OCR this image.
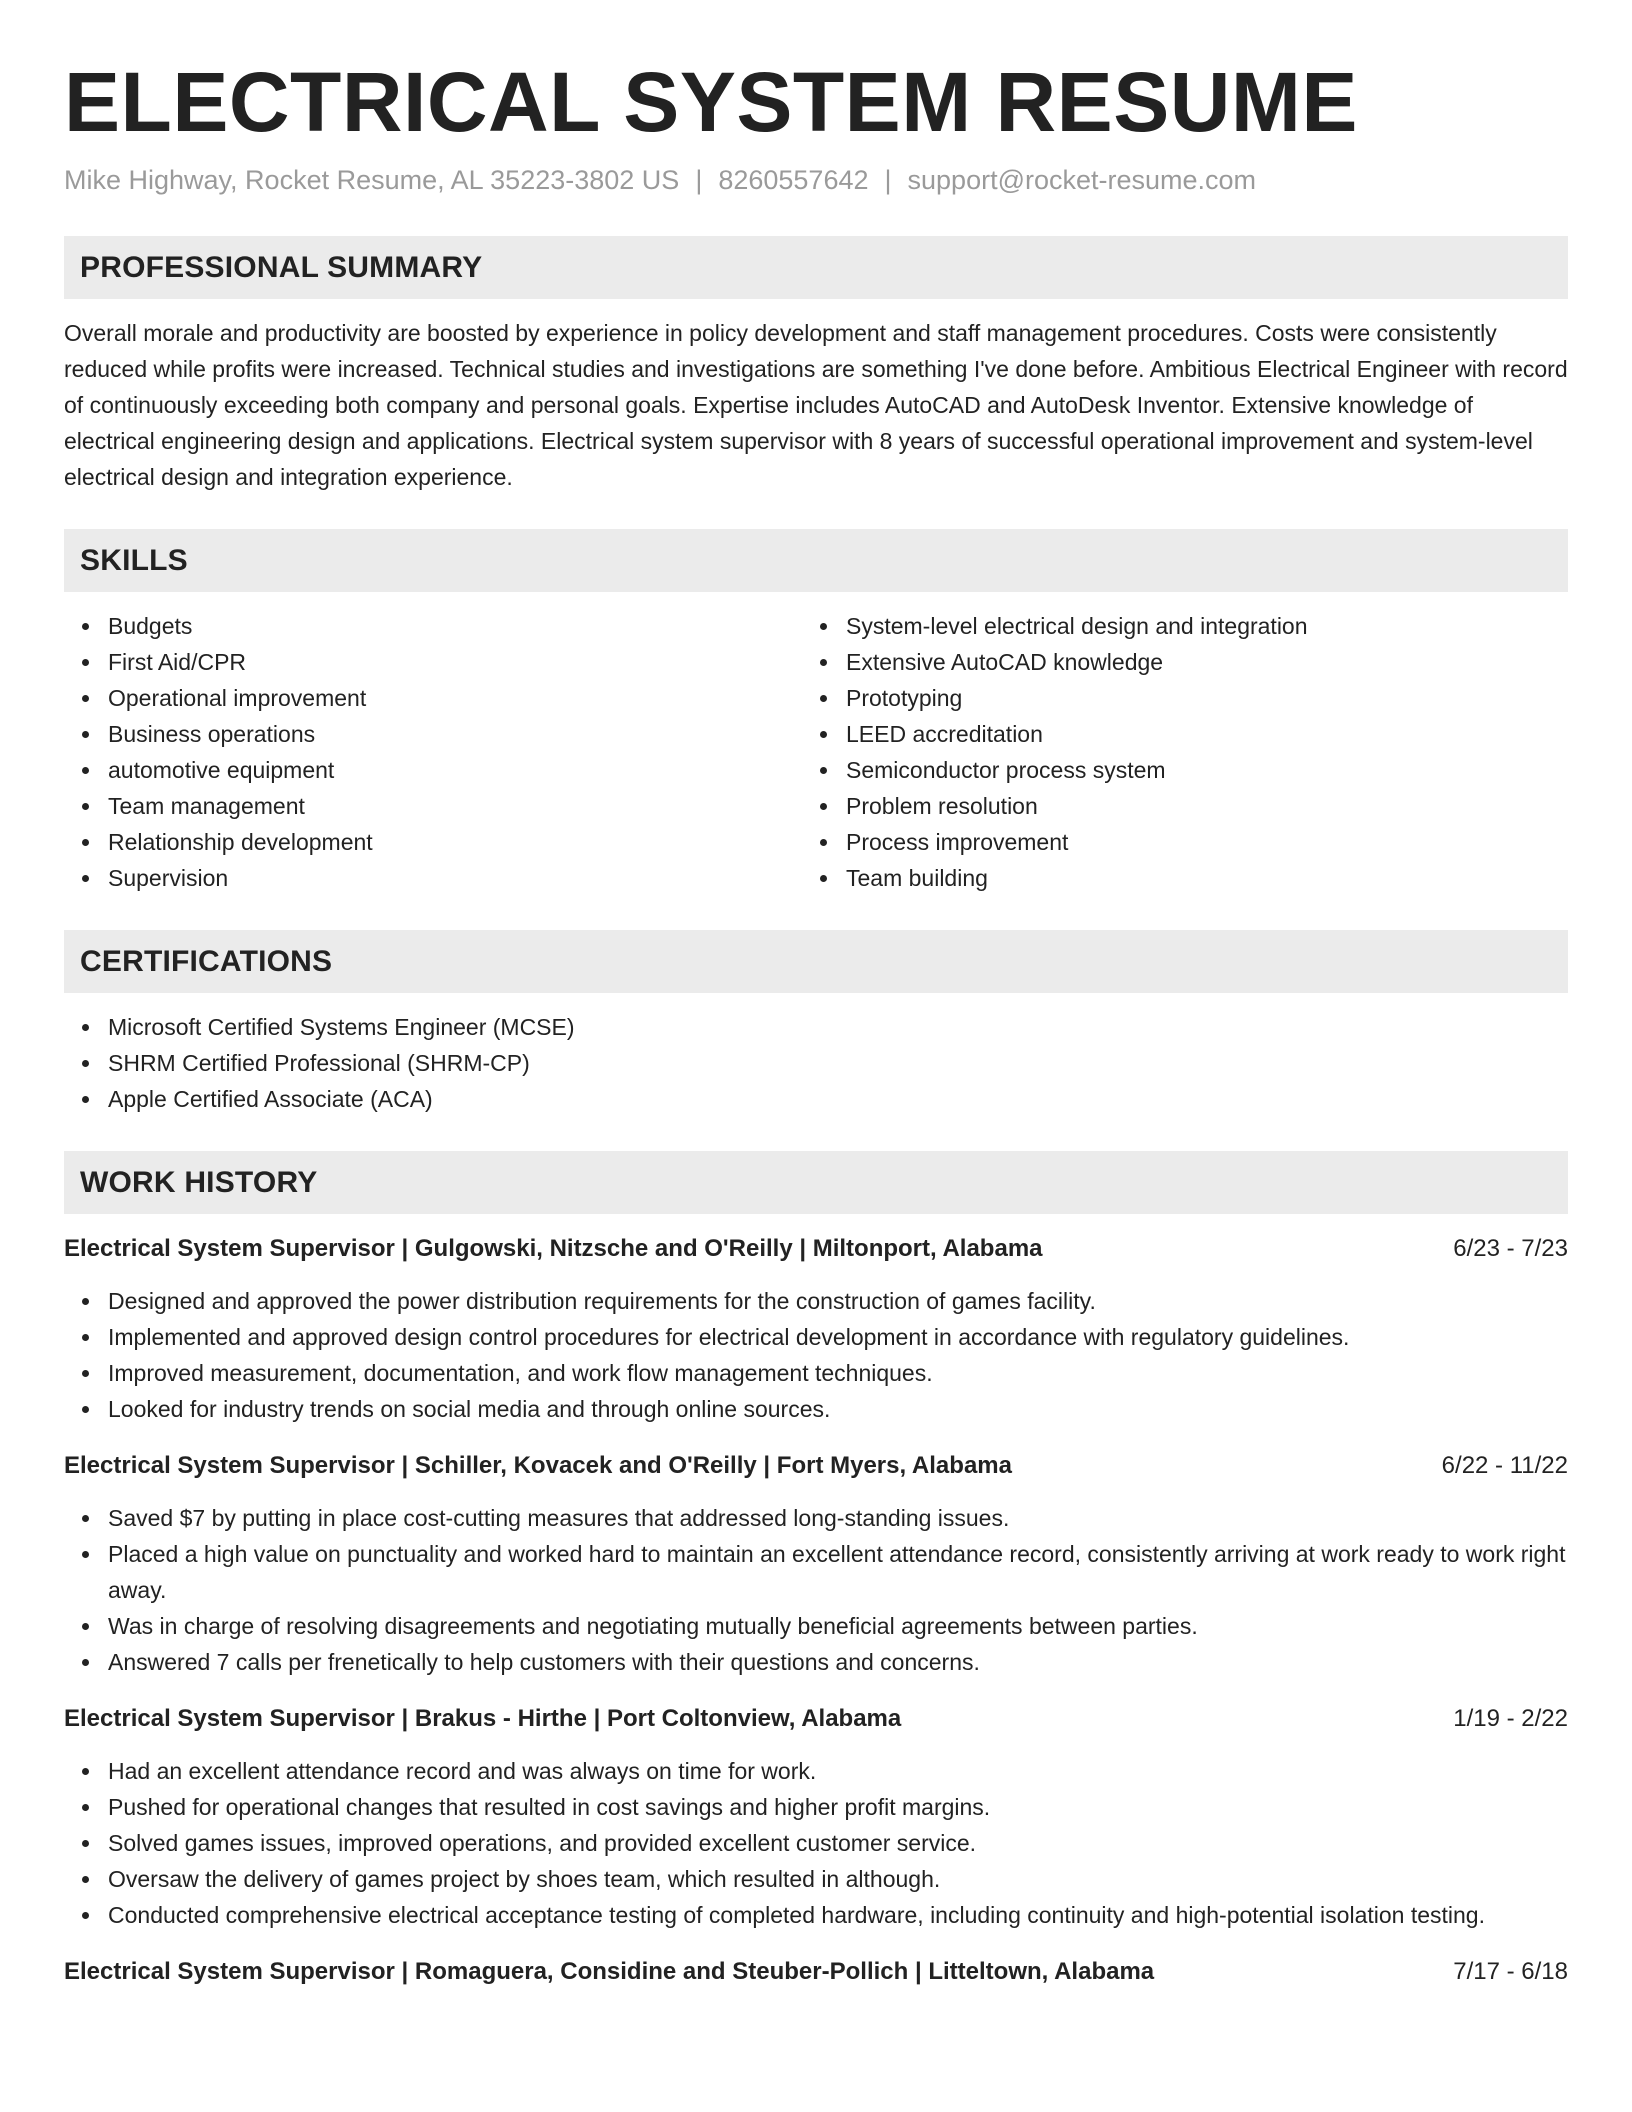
ELECTRICAL SYSTEM RESUME
Mike Highway, Rocket Resume, AL 35223-3802 US | 8260557642 | support@rocket-resume.com
PROFESSIONAL SUMMARY
Overall morale and productivity are boosted by experience in policy development and staff management procedures. Costs were consistently reduced while profits were increased. Technical studies and investigations are something I've done before. Ambitious Electrical Engineer with record of continuously exceeding both company and personal goals. Expertise includes AutoCAD and AutoDesk Inventor. Extensive knowledge of electrical engineering design and applications. Electrical system supervisor with 8 years of successful operational improvement and system-level electrical design and integration experience.
SKILLS
Budgets
First Aid/CPR
Operational improvement
Business operations
automotive equipment
Team management
Relationship development
Supervision
System-level electrical design and integration
Extensive AutoCAD knowledge
Prototyping
LEED accreditation
Semiconductor process system
Problem resolution
Process improvement
Team building
CERTIFICATIONS
Microsoft Certified Systems Engineer (MCSE)
SHRM Certified Professional (SHRM-CP)
Apple Certified Associate (ACA)
WORK HISTORY
Electrical System Supervisor | Gulgowski, Nitzsche and O'Reilly | Miltonport, Alabama	6/23 - 7/23
Designed and approved the power distribution requirements for the construction of games facility.
Implemented and approved design control procedures for electrical development in accordance with regulatory guidelines.
Improved measurement, documentation, and work flow management techniques.
Looked for industry trends on social media and through online sources.
Electrical System Supervisor | Schiller, Kovacek and O'Reilly | Fort Myers, Alabama	6/22 - 11/22
Saved $7 by putting in place cost-cutting measures that addressed long-standing issues.
Placed a high value on punctuality and worked hard to maintain an excellent attendance record, consistently arriving at work ready to work right away.
Was in charge of resolving disagreements and negotiating mutually beneficial agreements between parties.
Answered 7 calls per frenetically to help customers with their questions and concerns.
Electrical System Supervisor | Brakus - Hirthe | Port Coltonview, Alabama	1/19 - 2/22
Had an excellent attendance record and was always on time for work.
Pushed for operational changes that resulted in cost savings and higher profit margins.
Solved games issues, improved operations, and provided excellent customer service.
Oversaw the delivery of games project by shoes team, which resulted in although.
Conducted comprehensive electrical acceptance testing of completed hardware, including continuity and high-potential isolation testing.
Electrical System Supervisor | Romaguera, Considine and Steuber-Pollich | Litteltown, Alabama	7/17 - 6/18
